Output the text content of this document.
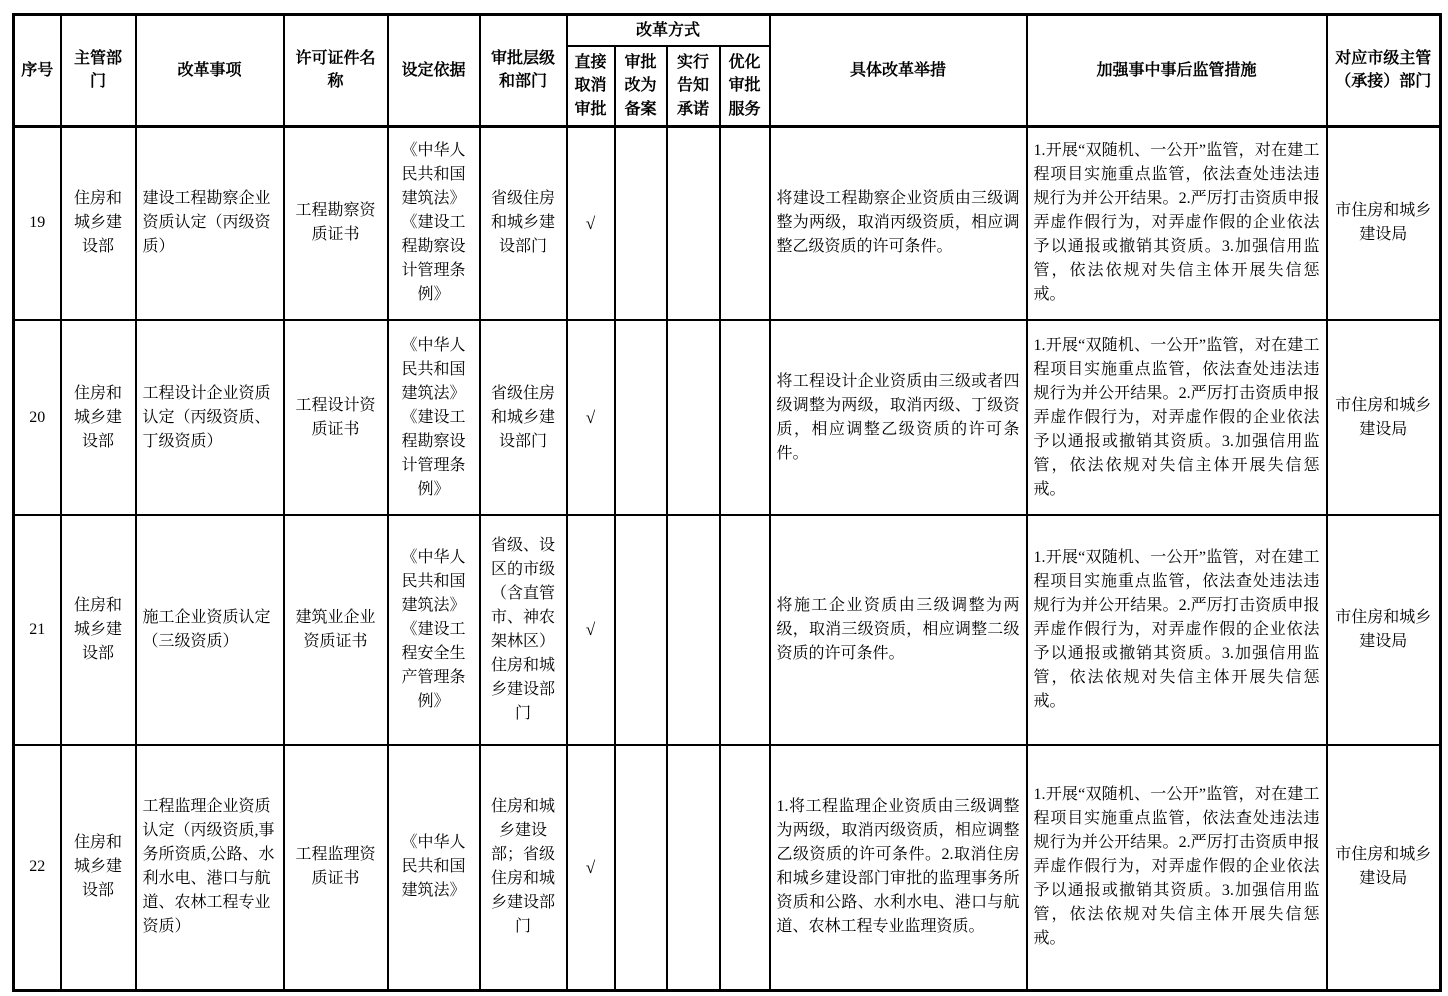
序号	主管部门	改革事项	许可证件名称	设定依据	审批层级和部门	改革方式				具体改革举措	加强事中事后监管措施	对应市级主管（承接）部门
						直接取消审批	审批改为备案	实行告知承诺	优化审批服务			
19	住房和城乡建设部	建设工程勘察企业资质认定（丙级资质）	工程勘察资质证书	《中华人民共和国建筑法》《建设工程勘察设计管理条例》	省级住房和城乡建设部门	√				将建设工程勘察企业资质由三级调整为两级，取消丙级资质，相应调整乙级资质的许可条件。	1.开展“双随机、一公开”监管，对在建工程项目实施重点监管，依法查处违法违规行为并公开结果。2.严厉打击资质申报弄虚作假行为，对弄虚作假的企业依法予以通报或撤销其资质。3.加强信用监管，依法依规对失信主体开展失信惩戒。	市住房和城乡建设局
20	住房和城乡建设部	工程设计企业资质认定（丙级资质、丁级资质）	工程设计资质证书	《中华人民共和国建筑法》《建设工程勘察设计管理条例》	省级住房和城乡建设部门	√				将工程设计企业资质由三级或者四级调整为两级，取消丙级、丁级资质，相应调整乙级资质的许可条件。	1.开展“双随机、一公开”监管，对在建工程项目实施重点监管，依法查处违法违规行为并公开结果。2.严厉打击资质申报弄虚作假行为，对弄虚作假的企业依法予以通报或撤销其资质。3.加强信用监管，依法依规对失信主体开展失信惩戒。	市住房和城乡建设局
21	住房和城乡建设部	施工企业资质认定（三级资质）	建筑业企业资质证书	《中华人民共和国建筑法》《建设工程安全生产管理条例》	省级、设区的市级（含直管市、神农架林区）住房和城乡建设部门	√				将施工企业资质由三级调整为两级，取消三级资质，相应调整二级资质的许可条件。	1.开展“双随机、一公开”监管，对在建工程项目实施重点监管，依法查处违法违规行为并公开结果。2.严厉打击资质申报弄虚作假行为，对弄虚作假的企业依法予以通报或撤销其资质。3.加强信用监管，依法依规对失信主体开展失信惩戒。	市住房和城乡建设局
22	住房和城乡建设部	工程监理企业资质认定（丙级资质,事务所资质,公路、水利水电、港口与航道、农林工程专业资质）	工程监理资质证书	《中华人民共和国建筑法》	住房和城乡建设部；省级住房和城乡建设部门	√				1.将工程监理企业资质由三级调整为两级，取消丙级资质，相应调整乙级资质的许可条件。2.取消住房和城乡建设部门审批的监理事务所资质和公路、水利水电、港口与航道、农林工程专业监理资质。	1.开展“双随机、一公开”监管，对在建工程项目实施重点监管，依法查处违法违规行为并公开结果。2.严厉打击资质申报弄虚作假行为，对弄虚作假的企业依法予以通报或撤销其资质。3.加强信用监管，依法依规对失信主体开展失信惩戒。	市住房和城乡建设局
